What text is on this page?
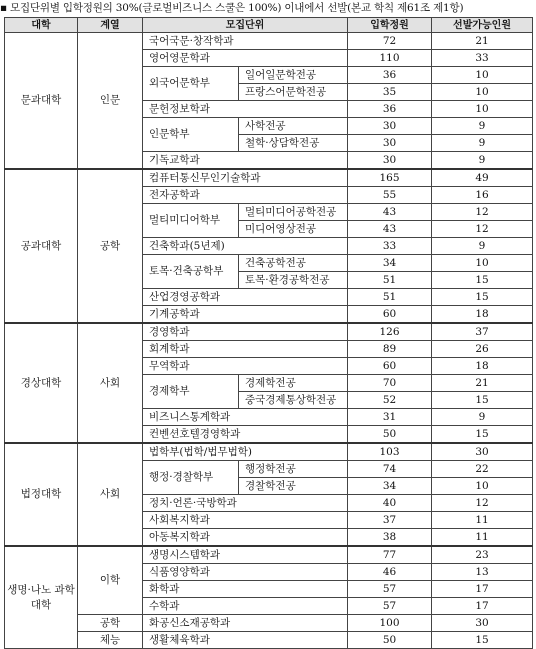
▪ 모집단위별 입학정원의 30%(글로벌비즈니스 스쿨은 100%) 이내에서 선발(본교 학칙 제61조 제1항)
대학	계열	모집단위		입학정원	선발가능인원
문과대학	인문	국어국문·창작학과		72	21
		영어영문학과		110	33
		외국어문학부	일어일문학전공	36	10
			프랑스어문학전공	35	10
		문헌정보학과		36	10
		인문학부	사학전공	30	9
			철학·상담학전공	30	9
		기독교학과		30	9
공과대학	공학	컴퓨터통신무인기술학과		165	49
		전자공학과		55	16
		멀티미디어학부	멀티미디어공학전공	43	12
			미디어영상전공	43	12
		건축학과(5년제)		33	9
		토목·건축공학부	건축공학전공	34	10
			토목·환경공학전공	51	15
		산업경영공학과		51	15
		기계공학과		60	18
경상대학	사회	경영학과		126	37
		회계학과		89	26
		무역학과		60	18
		경제학부	경제학전공	70	21
			중국경제통상학전공	52	15
		비즈니스통계학과		31	9
		컨벤션호텔경영학과		50	15
법정대학	사회	법학부(법학/법무법학)		103	30
		행정·경찰학부	행정학전공	74	22
			경찰학전공	34	10
		정치·언론·국방학과		40	12
		사회복지학과		37	11
		아동복지학과		38	11
생명·나노 과학대학	이학	생명시스템학과		77	23
		식품영양학과		46	13
		화학과		57	17
		수학과		57	17
	공학	화공신소재공학과		100	30
	체능	생활체육학과		50	15
